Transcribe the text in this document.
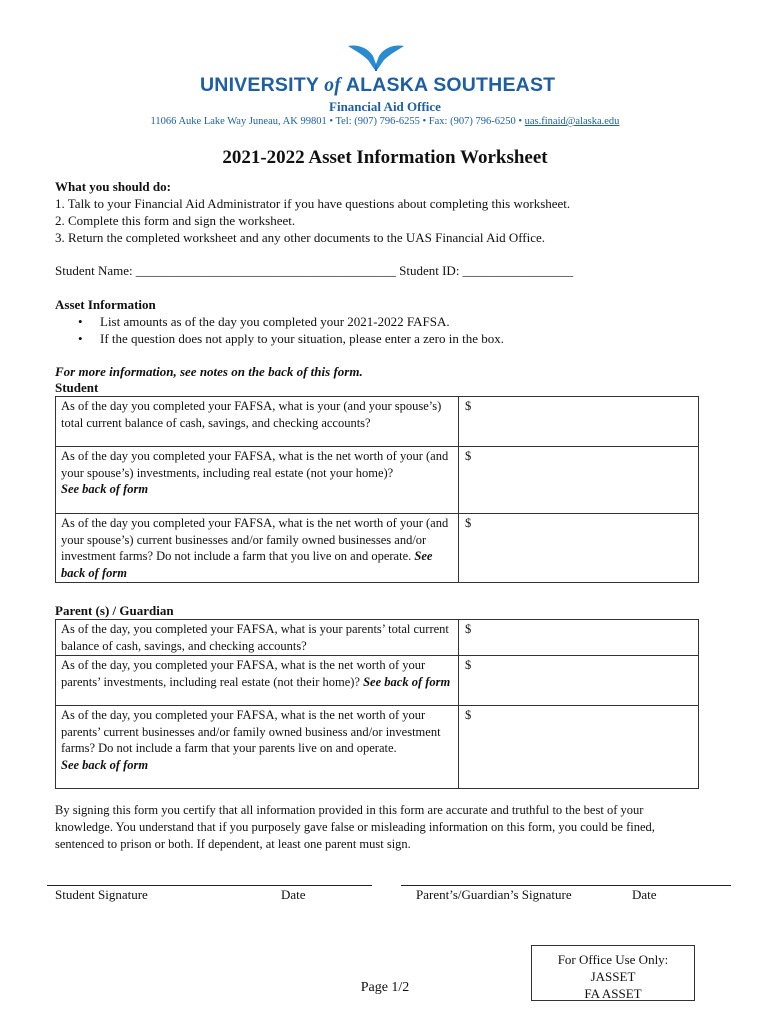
UNIVERSITY of ALASKA SOUTHEAST
Financial Aid Office
11066 Auke Lake Way Juneau, AK 99801 • Tel: (907) 796-6255 • Fax: (907) 796-6250 • uas.finaid@alaska.edu
2021-2022 Asset Information Worksheet
What you should do:
1. Talk to your Financial Aid Administrator if you have questions about completing this worksheet.
2. Complete this form and sign the worksheet.
3. Return the completed worksheet and any other documents to the UAS Financial Aid Office.
Student Name: ________________________________________ Student ID: _________________
Asset Information
• List amounts as of the day you completed your 2021-2022 FAFSA.
• If the question does not apply to your situation, please enter a zero in the box.
For more information, see notes on the back of this form.
Student
As of the day you completed your FAFSA, what is your (and your spouse’s) total current balance of cash, savings, and checking accounts?	$
As of the day you completed your FAFSA, what is the net worth of your (and your spouse’s) investments, including real estate (not your home)?
See back of form	$
As of the day you completed your FAFSA, what is the net worth of your (and your spouse’s) current businesses and/or family owned businesses and/or investment farms? Do not include a farm that you live on and operate. See back of form	$
Parent (s) / Guardian
As of the day, you completed your FAFSA, what is your parents’ total current balance of cash, savings, and checking accounts?	$
As of the day, you completed your FAFSA, what is the net worth of your parents’ investments, including real estate (not their home)? See back of form	$
As of the day, you completed your FAFSA, what is the net worth of your parents’ current businesses and/or family owned business and/or investment farms? Do not include a farm that your parents live on and operate.
See back of form	$
By signing this form you certify that all information provided in this form are accurate and truthful to the best of your knowledge. You understand that if you purposely gave false or misleading information on this form, you could be fined, sentenced to prison or both. If dependent, at least one parent must sign.
Student Signature	Date	Parent’s/Guardian’s Signature	Date
Page 1/2
For Office Use Only:
JASSET
FA ASSET
